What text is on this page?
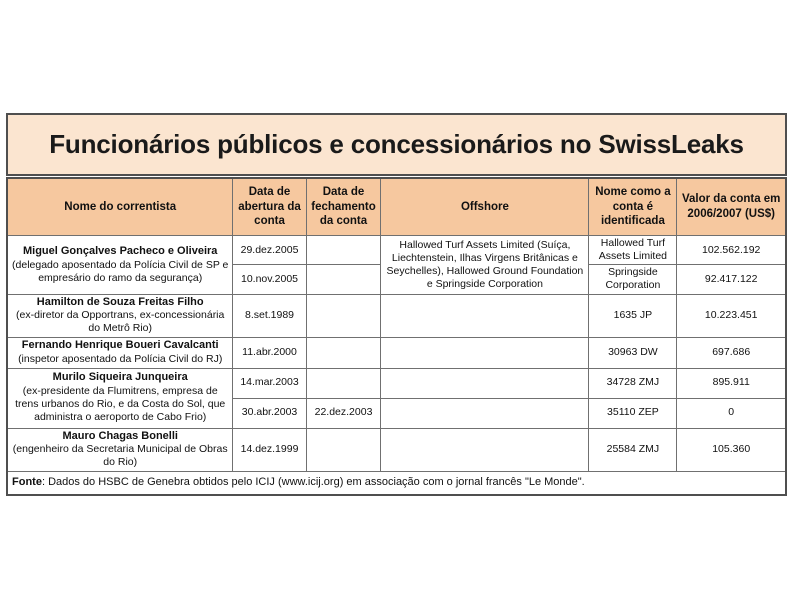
Funcionários públicos e concessionários no SwissLeaks
Nome do correntista	Data de abertura da conta	Data de fechamento da conta	Offshore	Nome como a conta é identificada	Valor da conta em 2006/2007 (US$)

Miguel Gonçalves Pacheco e Oliveira
(delegado aposentado da Polícia Civil de SP e empresário do ramo da segurança)	29.dez.2005		Hallowed Turf Assets Limited (Suíça, Liechtenstein, Ilhas Virgens Britânicas e Seychelles), Hallowed Ground Foundation e Springside Corporation	Hallowed Turf Assets Limited	102.562.192
	10.nov.2005			Springside Corporation	92.417.122

Hamilton de Souza Freitas Filho
(ex-diretor da Opportrans, ex-concessionária do Metrô Rio)	8.set.1989			1635 JP	10.223.451

Fernando Henrique Boueri Cavalcanti
(inspetor aposentado da Polícia Civil do RJ)	11.abr.2000			30963 DW	697.686

Murilo Siqueira Junqueira
(ex-presidente da Flumitrens, empresa de trens urbanos do Rio, e da Costa do Sol, que administra o aeroporto de Cabo Frio)	14.mar.2003			34728 ZMJ	895.911
	30.abr.2003	22.dez.2003		35110 ZEP	0

Mauro Chagas Bonelli
(engenheiro da Secretaria Municipal de Obras do Rio)	14.dez.1999			25584 ZMJ	105.360
Fonte: Dados do HSBC de Genebra obtidos pelo ICIJ (www.icij.org) em associação com o jornal francês "Le Monde".					
